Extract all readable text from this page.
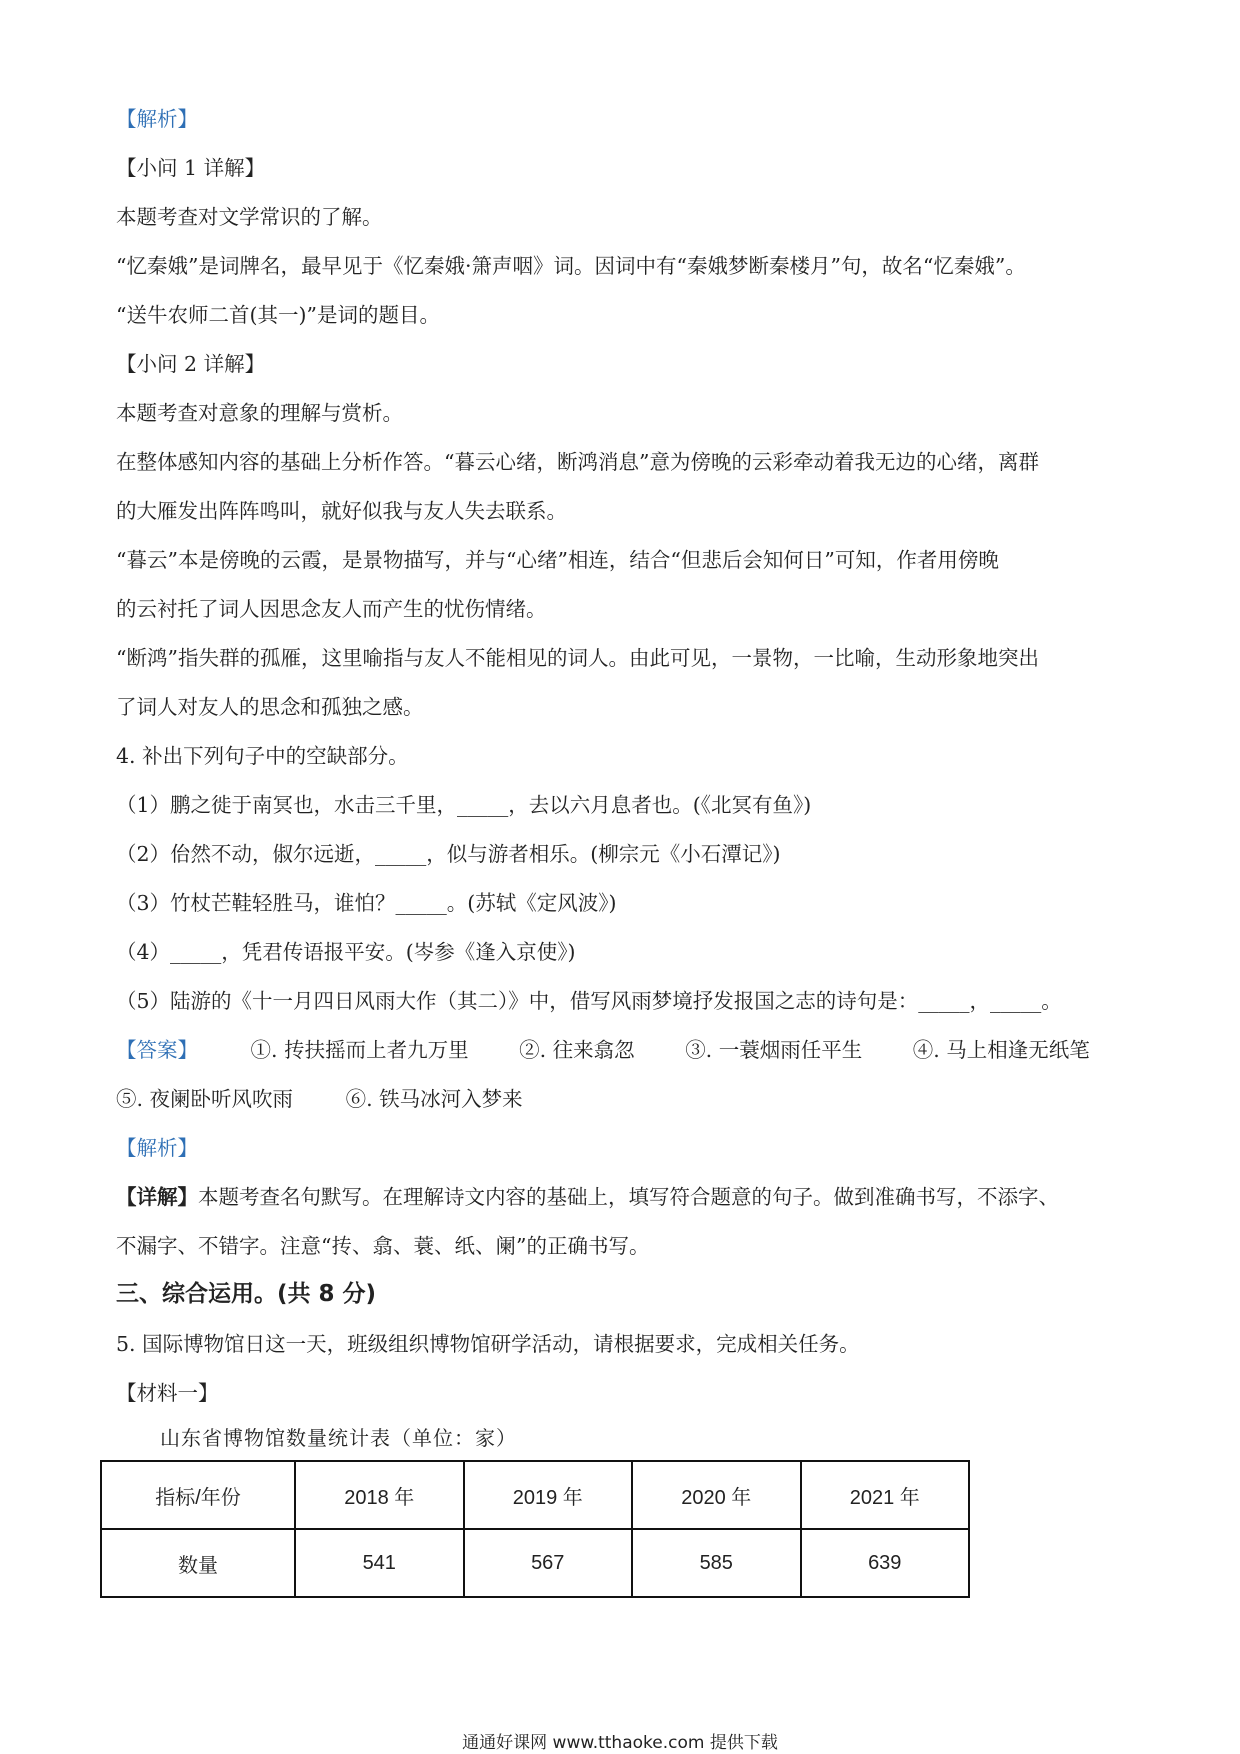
【解析】
【小问 1 详解】
本题考查对文学常识的了解。
“忆秦娥”是词牌名，最早见于《忆秦娥·箫声咽》词。因词中有“秦娥梦断秦楼月”句，故名“忆秦娥”。
“送牛农师二首(其一)”是词的题目。
【小问 2 详解】
本题考查对意象的理解与赏析。
在整体感知内容的基础上分析作答。“暮云心绪，断鸿消息”意为傍晚的云彩牵动着我无边的心绪，离群
的大雁发出阵阵鸣叫，就好似我与友人失去联系。
“暮云”本是傍晚的云霞，是景物描写，并与“心绪”相连，结合“但悲后会知何日”可知，作者用傍晚
的云衬托了词人因思念友人而产生的忧伤情绪。
“断鸿”指失群的孤雁，这里喻指与友人不能相见的词人。由此可见，一景物，一比喻，生动形象地突出
了词人对友人的思念和孤独之感。
4. 补出下列句子中的空缺部分。
（1）鹏之徙于南冥也，水击三千里，_____，去以六月息者也。(《北冥有鱼》)
（2）佁然不动，俶尔远逝，_____，似与游者相乐。(柳宗元《小石潭记》)
（3）竹杖芒鞋轻胜马，谁怕？_____。(苏轼《定风波》)
（4）_____，凭君传语报平安。(岑参《逢入京使》)
（5）陆游的《十一月四日风雨大作（其二）》中，借写风雨梦境抒发报国之志的诗句是：_____，_____。
【答案】	①. 抟扶摇而上者九万里 ②. 往来翕忽 ③. 一蓑烟雨任平生 ④. 马上相逢无纸笔
⑤. 夜阑卧听风吹雨	⑥. 铁马冰河入梦来
【解析】
【详解】本题考查名句默写。在理解诗文内容的基础上，填写符合题意的句子。做到准确书写，不添字、
不漏字、不错字。注意“抟、翕、蓑、纸、阑”的正确书写。
三、综合运用。(共 8 分)
5. 国际博物馆日这一天，班级组织博物馆研学活动，请根据要求，完成相关任务。
【材料一】
山东省博物馆数量统计表（单位：家）
指标/年份	2018 年	2019 年	2020 年	2021 年
数量	541	567	585	639
通通好课网 www.tthaoke.com 提供下载
